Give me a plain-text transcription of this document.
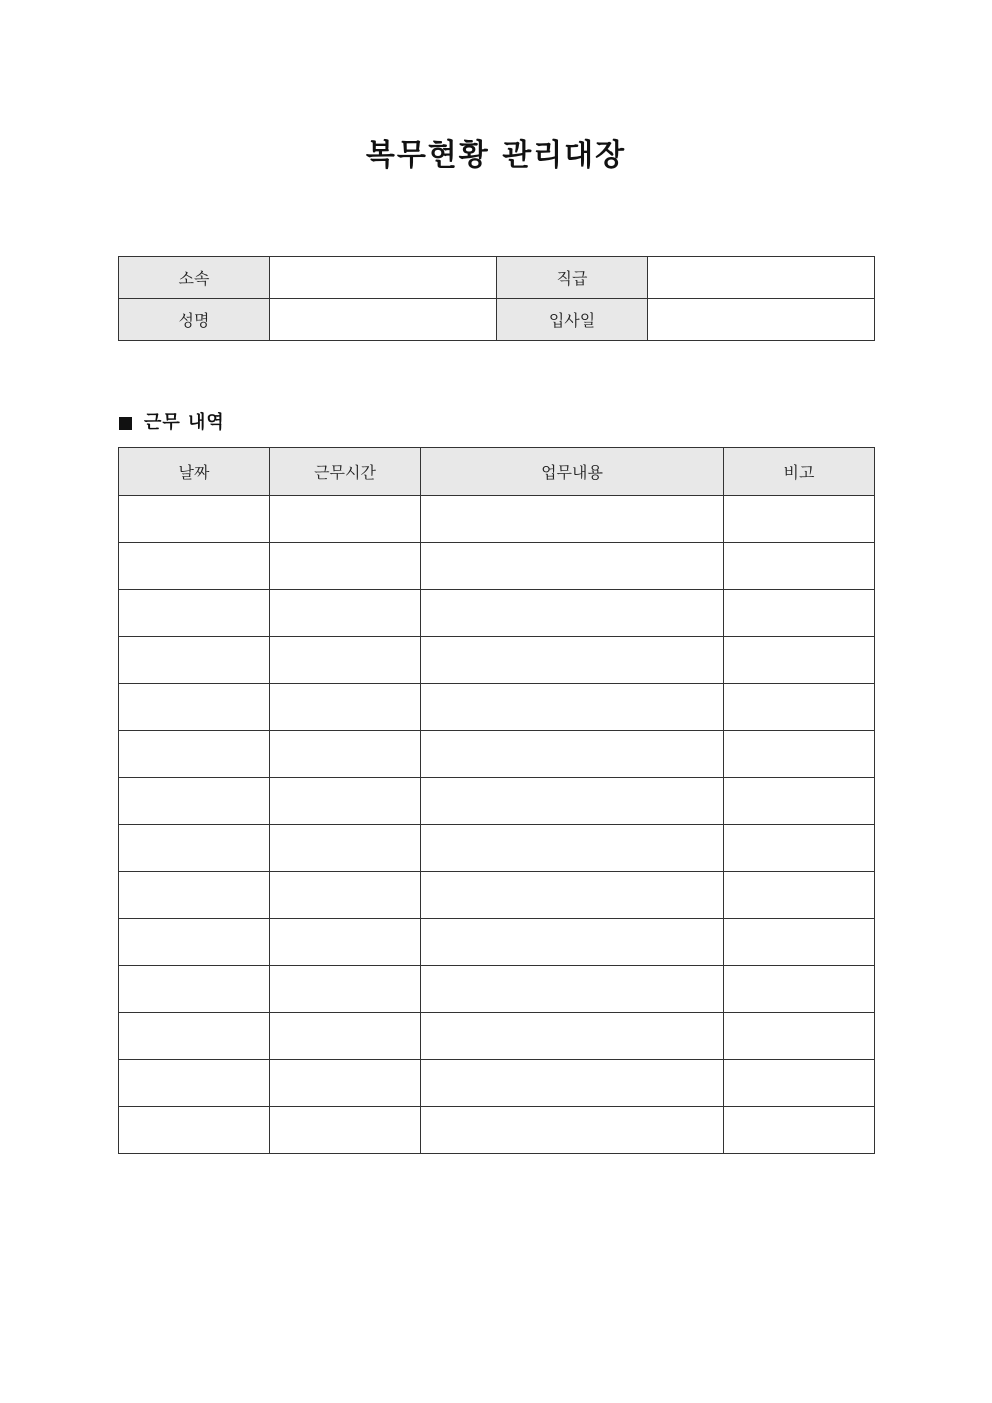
복무현황 관리대장
소속		직급	
성명		입사일	
근무 내역
날짜	근무시간	업무내용	비고
